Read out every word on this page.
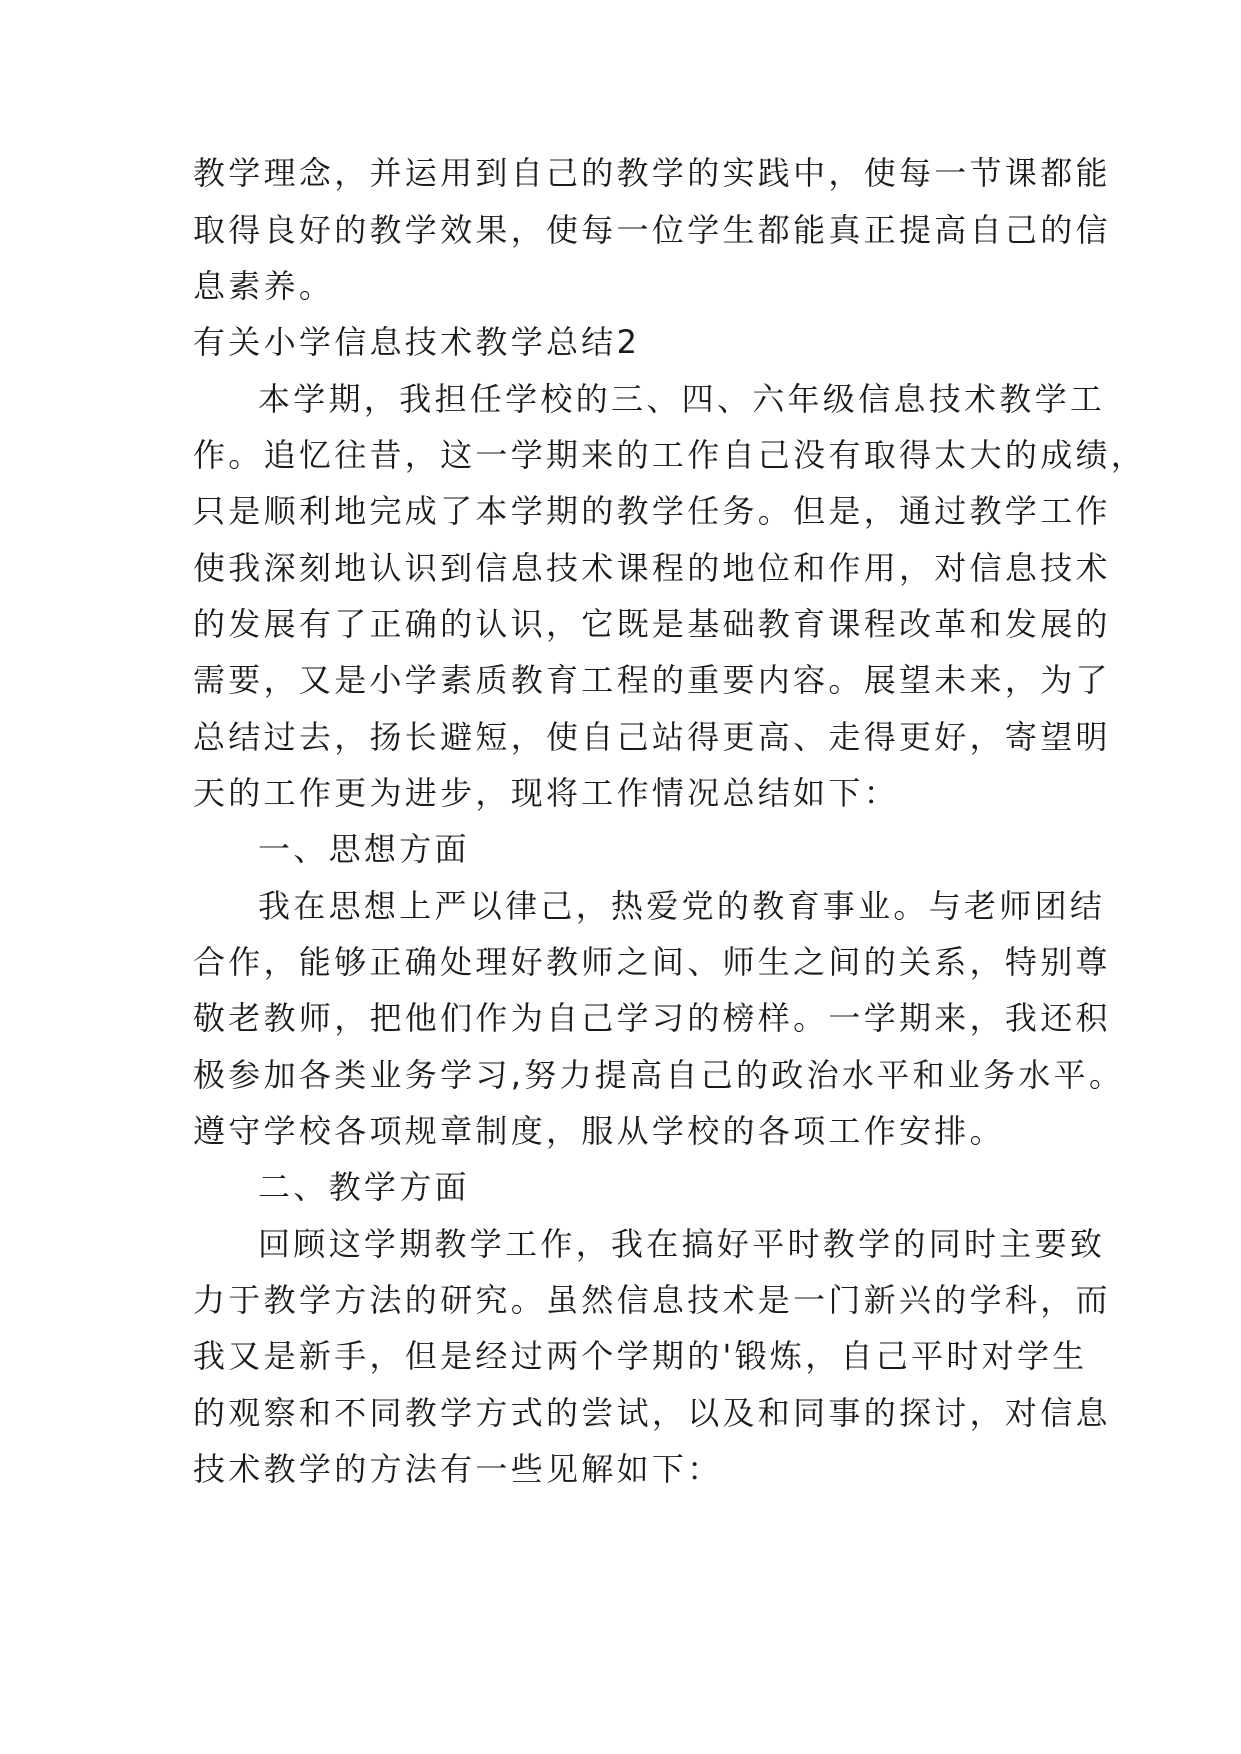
教学理念，并运用到自己的教学的实践中，使每一节课都能

取得良好的教学效果，使每一位学生都能真正提高自己的信

息素养。

有关小学信息技术教学总结2

本学期，我担任学校的三、四、六年级信息技术教学工

作。追忆往昔，这一学期来的工作自己没有取得太大的成绩，

只是顺利地完成了本学期的教学任务。但是，通过教学工作

使我深刻地认识到信息技术课程的地位和作用，对信息技术

的发展有了正确的认识，它既是基础教育课程改革和发展的

需要，又是小学素质教育工程的重要内容。展望未来，为了

总结过去，扬长避短，使自己站得更高、走得更好，寄望明

天的工作更为进步，现将工作情况总结如下：

一、思想方面

我在思想上严以律己，热爱党的教育事业。与老师团结

合作，能够正确处理好教师之间、师生之间的关系，特别尊

敬老教师，把他们作为自己学习的榜样。一学期来，我还积

极参加各类业务学习,努力提高自己的政治水平和业务水平。

遵守学校各项规章制度，服从学校的各项工作安排。

二、教学方面

回顾这学期教学工作，我在搞好平时教学的同时主要致

力于教学方法的研究。虽然信息技术是一门新兴的学科，而

我又是新手，但是经过两个学期的'锻炼，自己平时对学生

的观察和不同教学方式的尝试，以及和同事的探讨，对信息

技术教学的方法有一些见解如下：
